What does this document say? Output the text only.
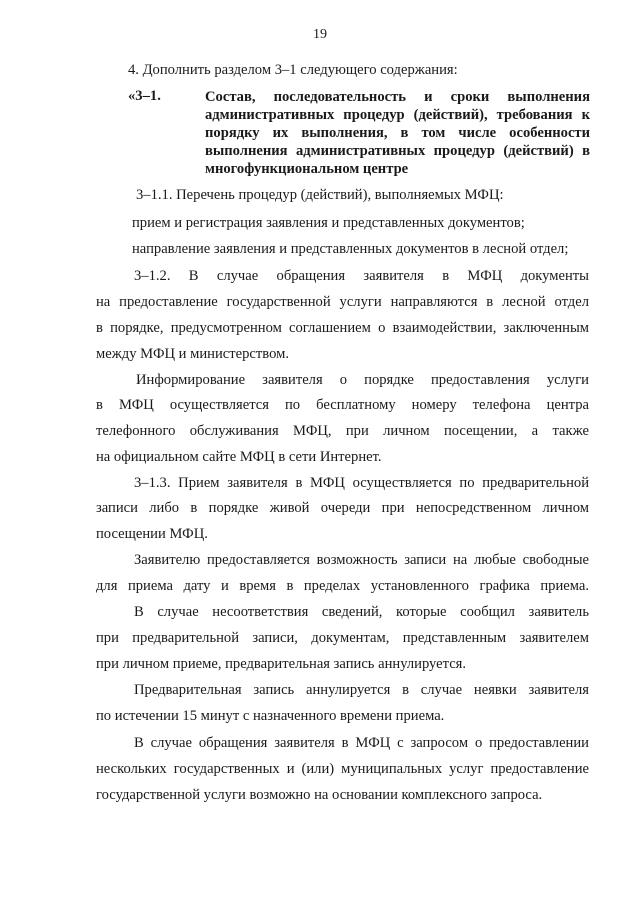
19
4. Дополнить разделом 3–1 следующего содержания:
«3–1.	Состав, последовательность и сроки выполнения
административных процедур (действий), требования к порядку их выполнения, в том числе особенности выполнения административных процедур (действий) в многофункциональном центре
3–1.1. Перечень процедур (действий), выполняемых МФЦ:
прием и регистрация заявления и представленных документов;
направление заявления и представленных документов в лесной отдел;
3–1.2. В случае обращения заявителя в МФЦ документы
на предоставление государственной услуги направляются в лесной отдел
в порядке, предусмотренном соглашением о взаимодействии, заключенным
между МФЦ и министерством.
Информирование заявителя о порядке предоставления услуги
в МФЦ осуществляется по бесплатному номеру телефона центра
телефонного обслуживания МФЦ, при личном посещении, а также
на официальном сайте МФЦ в сети Интернет.
3–1.3. Прием заявителя в МФЦ осуществляется по предварительной
записи либо в порядке живой очереди при непосредственном личном
посещении МФЦ.
Заявителю предоставляется возможность записи на любые свободные
для приема дату и время в пределах установленного графика приема.
В случае несоответствия сведений, которые сообщил заявитель
при предварительной записи, документам, представленным заявителем
при личном приеме, предварительная запись аннулируется.
Предварительная запись аннулируется в случае неявки заявителя
по истечении 15 минут с назначенного времени приема.
В случае обращения заявителя в МФЦ с запросом о предоставлении
нескольких государственных и (или) муниципальных услуг предоставление
государственной услуги возможно на основании комплексного запроса.
